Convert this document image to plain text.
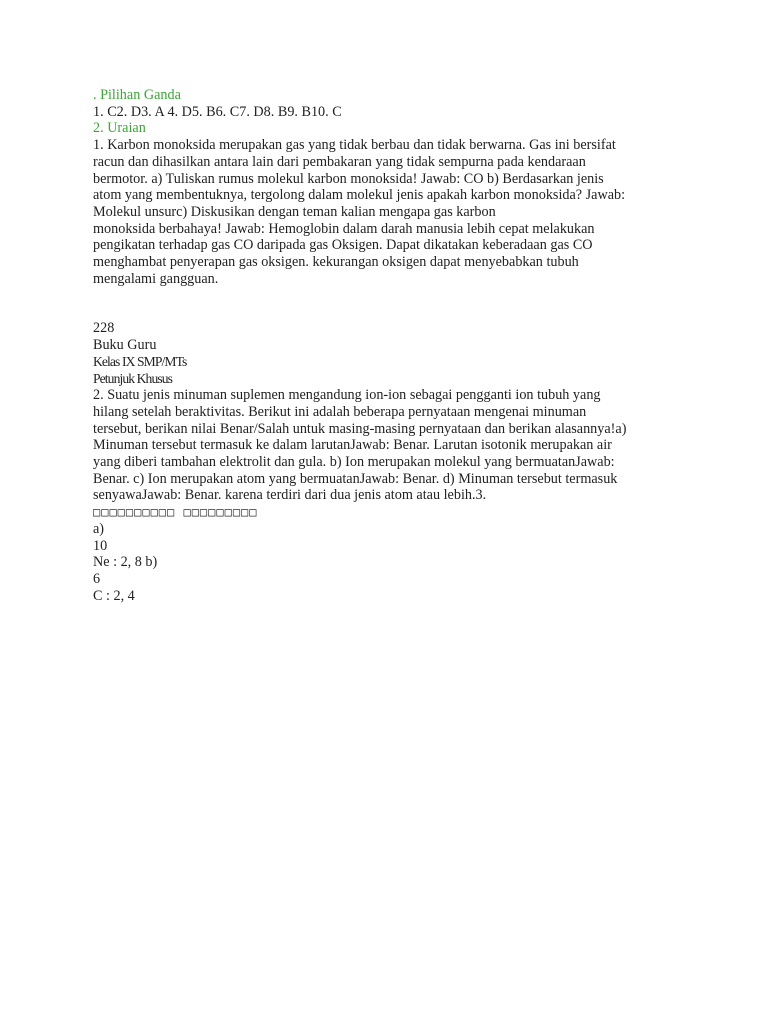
. Pilihan Ganda
1. C2. D3. A 4. D5. B6. C7. D8. B9. B10. C
2. Uraian
1. Karbon monoksida merupakan gas yang tidak berbau dan tidak berwarna. Gas ini bersifat
racun dan dihasilkan antara lain dari pembakaran yang tidak sempurna pada kendaraan
bermotor. a) Tuliskan rumus molekul karbon monoksida! Jawab: CO b) Berdasarkan jenis
atom yang membentuknya, tergolong dalam molekul jenis apakah karbon monoksida? Jawab:
Molekul unsurc) Diskusikan dengan teman kalian mengapa gas karbon
monoksida berbahaya! Jawab: Hemoglobin dalam darah manusia lebih cepat melakukan
pengikatan terhadap gas CO daripada gas Oksigen. Dapat dikatakan keberadaan gas CO
menghambat penyerapan gas oksigen. kekurangan oksigen dapat menyebabkan tubuh
mengalami gangguan.
228
Buku Guru
Kelas IX SMP/MTs
Petunjuk Khusus
2. Suatu jenis minuman suplemen mengandung ion-ion sebagai pengganti ion tubuh yang
hilang setelah beraktivitas. Berikut ini adalah beberapa pernyataan mengenai minuman
tersebut, berikan nilai Benar/Salah untuk masing-masing pernyataan dan berikan alasannya!a)
Minuman tersebut termasuk ke dalam larutanJawab: Benar. Larutan isotonik merupakan air
yang diberi tambahan elektrolit dan gula. b) Ion merupakan molekul yang bermuatanJawab:
Benar. c) Ion merupakan atom yang bermuatanJawab: Benar. d) Minuman tersebut termasuk
senyawaJawab: Benar. karena terdiri dari dua jenis atom atau lebih.3.
□□□□□□□□□□ □□□□□□□□□
a)
10
Ne : 2, 8 b)
6
C : 2, 4
